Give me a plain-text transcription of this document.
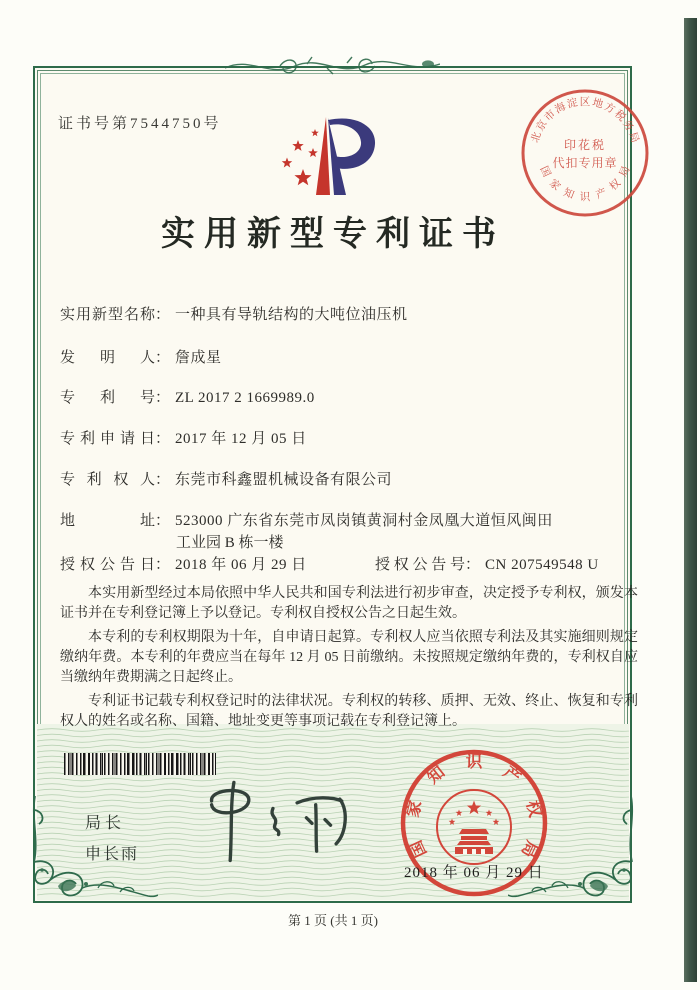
证书号第7544750号
北
京
市
海
淀 区 地
方
税
务
局
国
家
知 识 产
权
局
印花税
代扣专用章
实用新型专利证书
实用新型名称： 一种具有导轨结构的大吨位油压机
发明人： 詹成星
专利号： ZL 2017 2 1669989.0
专利申请日： 2017 年 12 月 05 日
专利权人： 东莞市科鑫盟机械设备有限公司
地址： 523000 广东省东莞市凤岗镇黄洞村金凤凰大道恒风闽田
工业园 B 栋一楼
授权公告日： 2018 年 06 月 29 日	授权公告号： CN 207549548 U

本实用新型经过本局依照中华人民共和国专利法进行初步审查，决定授予专利权，颁发本证书并在专利登记簿上予以登记。专利权自授权公告之日起生效。

本专利的专利权期限为十年，自申请日起算。专利权人应当依照专利法及其实施细则规定缴纳年费。本专利的年费应当在每年 12 月 05 日前缴纳。未按照规定缴纳年费的，专利权自应当缴纳年费期满之日起终止。

专利证书记载专利权登记时的法律状况。专利权的转移、质押、无效、终止、恢复和专利权人的姓名或名称、国籍、地址变更等事项记载在专利登记簿上。

局长
申长雨	国
家
知
识
产
权
局
2018 年 06 月 29 日
第 1 页 (共 1 页)
